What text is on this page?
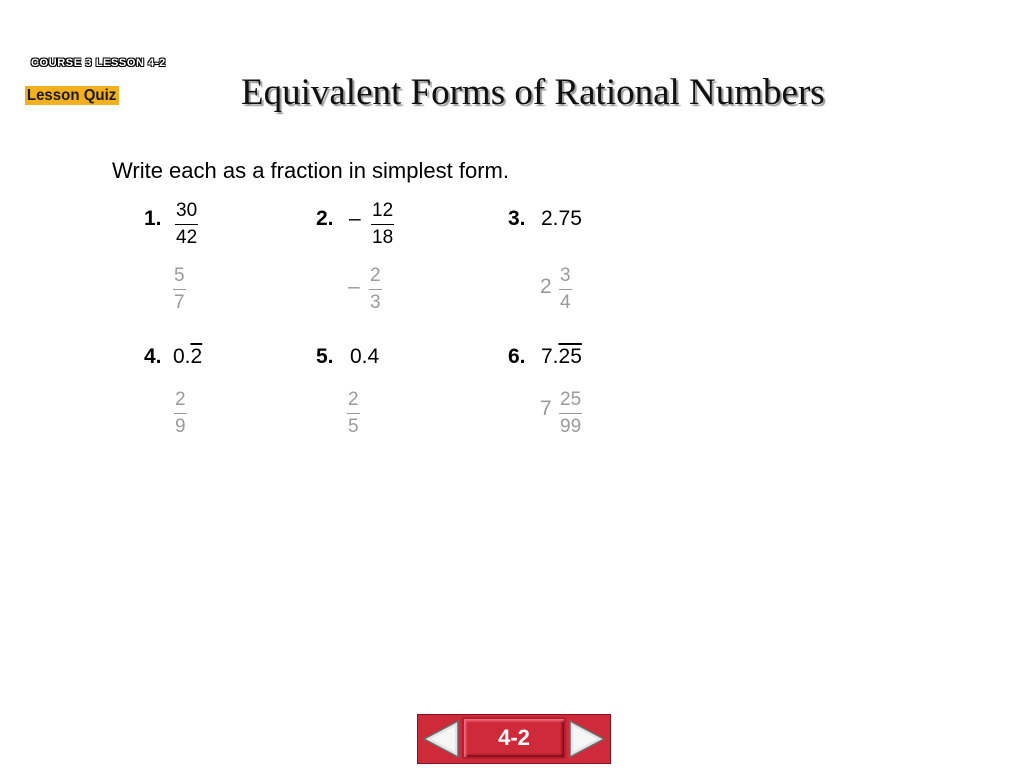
COURSE 3 LESSON 4-2
Lesson Quiz	Equivalent Forms of Rational Numbers
Write each as a fraction in simplest form.
1. $\frac{30}{42}$
$\frac{5}{7}$
2. – $\frac{12}{18}$
– $\frac{2}{3}$
3. 2.75
$2 \frac{3}{4}$
4. 0.2
$\frac{2}{9}$
5. 0.4
$\frac{2}{5}$
6. 7.25
$7 \frac{25}{99}$
4-2
